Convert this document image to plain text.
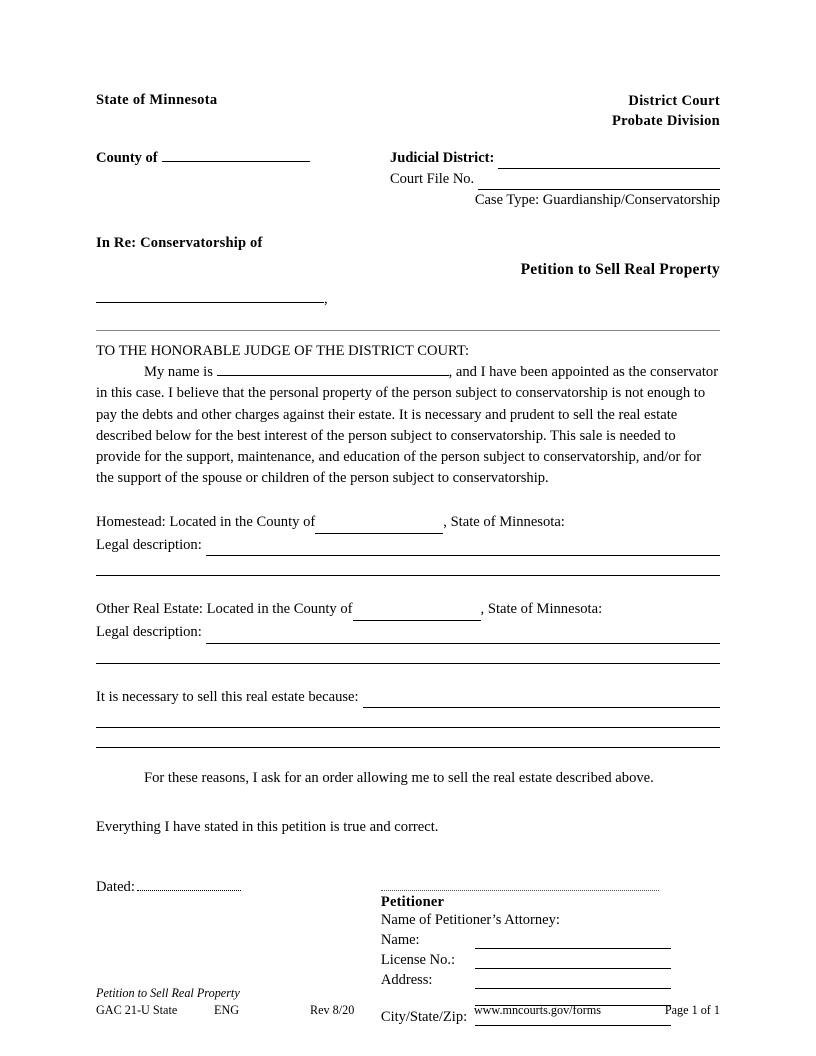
State of Minnesota	District Court
Probate Division
County of	Judicial District:
Court File No.
Case Type: Guardianship/Conservatorship
In Re: Conservatorship of
Petition to Sell Real Property
,
TO THE HONORABLE JUDGE OF THE DISTRICT COURT:
My name is	, and I have been appointed as the conservator in this case. I believe that the personal property of the person subject to conservatorship is not enough to pay the debts and other charges against their estate. It is necessary and prudent to sell the real estate described below for the best interest of the person subject to conservatorship. This sale is needed to provide for the support, maintenance, and education of the person subject to conservatorship, and/or for the support of the spouse or children of the person subject to conservatorship.
Homestead: Located in the County of	, State of Minnesota:
Legal description:
Other Real Estate: Located in the County of	, State of Minnesota:
Legal description:
It is necessary to sell this real estate because:
For these reasons, I ask for an order allowing me to sell the real estate described above.
Everything I have stated in this petition is true and correct.
Dated:
Petitioner
Name of Petitioner’s Attorney:
Name:
License No.:
Address:
City/State/Zip:
Petition to Sell Real Property
GAC 21-U State	ENG	Rev 8/20	www.mncourts.gov/forms	Page 1 of 1
